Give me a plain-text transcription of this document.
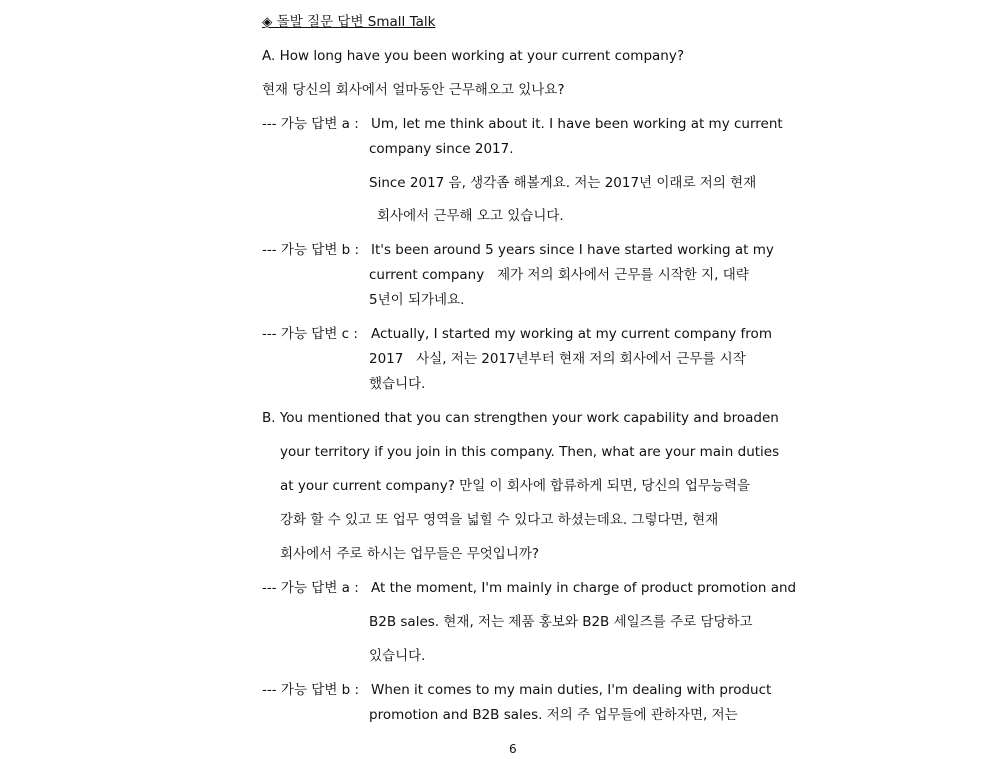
◈ 돌발 질문 답변 Small Talk
A. How long have you been working at your current company?
현재 당신의 회사에서 얼마동안 근무해오고 있나요?
--- 가능 답변 a : Um, let me think about it. I have been working at my current
company since 2017.
Since 2017 음, 생각좀 해볼게요. 저는 2017년 이래로 저의 현재
회사에서 근무해 오고 있습니다.
--- 가능 답변 b : It's been around 5 years since I have started working at my
current company   제가 저의 회사에서 근무를 시작한 지, 대략
5년이 되가네요.
--- 가능 답변 c : Actually, I started my working at my current company from
2017   사실, 저는 2017년부터 현재 저의 회사에서 근무를 시작
했습니다.
B. You mentioned that you can strengthen your work capability and broaden
your territory if you join in this company. Then, what are your main duties
at your current company? 만일 이 회사에 합류하게 되면, 당신의 업무능력을
강화 할 수 있고 또 업무 영역을 넓힐 수 있다고 하셨는데요. 그렇다면, 현재
회사에서 주로 하시는 업무들은 무엇입니까?
--- 가능 답변 a : At the moment, I'm mainly in charge of product promotion and
B2B sales. 현재, 저는 제품 홍보와 B2B 세일즈를 주로 담당하고
있습니다.
--- 가능 답변 b : When it comes to my main duties, I'm dealing with product
promotion and B2B sales. 저의 주 업무들에 관하자면, 저는
6
